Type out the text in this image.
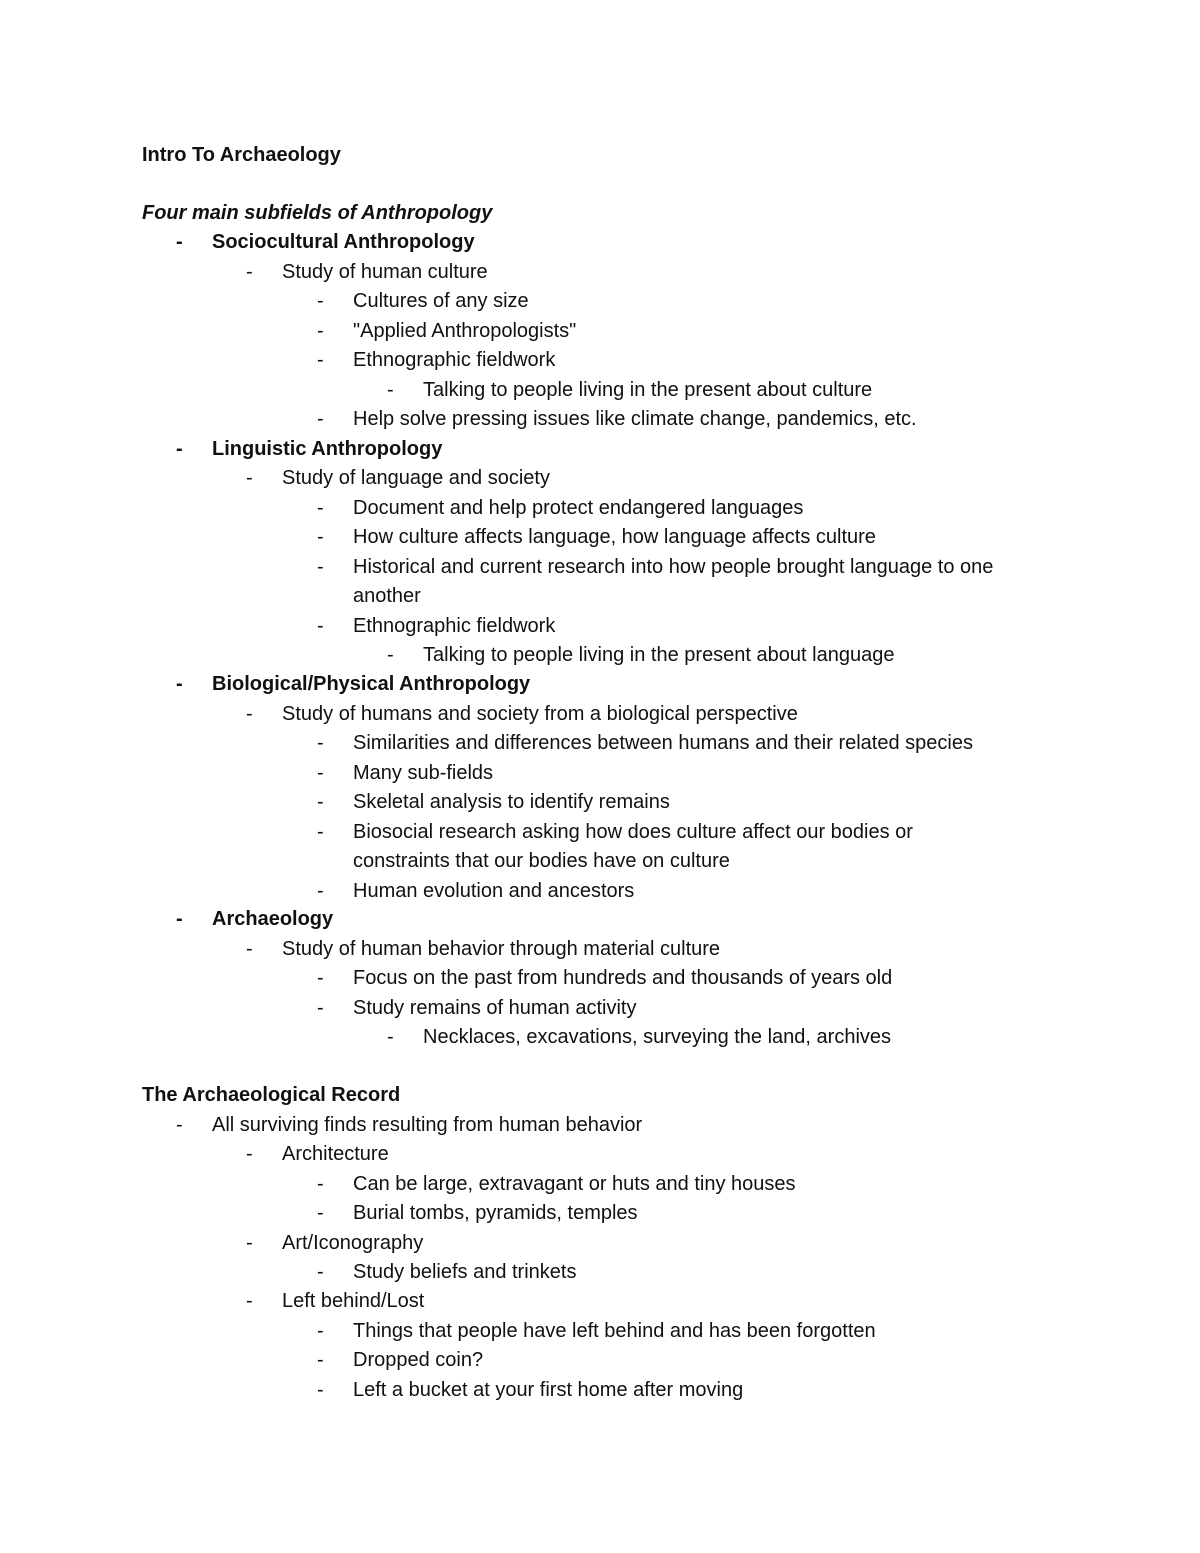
Intro To Archaeology
Four main subfields of Anthropology
-	Sociocultural Anthropology
-	Study of human culture
-	Cultures of any size
-	"Applied Anthropologists"
-	Ethnographic fieldwork
-	Talking to people living in the present about culture
-	Help solve pressing issues like climate change, pandemics, etc.
-	Linguistic Anthropology
-	Study of language and society
-	Document and help protect endangered languages
-	How culture affects language, how language affects culture
-	Historical and current research into how people brought language to one
another
-	Ethnographic fieldwork
-	Talking to people living in the present about language
-	Biological/Physical Anthropology
-	Study of humans and society from a biological perspective
-	Similarities and differences between humans and their related species
-	Many sub-fields
-	Skeletal analysis to identify remains
-	Biosocial research asking how does culture affect our bodies or
constraints that our bodies have on culture
-	Human evolution and ancestors
-	Archaeology
-	Study of human behavior through material culture
-	Focus on the past from hundreds and thousands of years old
-	Study remains of human activity
-	Necklaces, excavations, surveying the land, archives
The Archaeological Record
-	All surviving finds resulting from human behavior
-	Architecture
-	Can be large, extravagant or huts and tiny houses
-	Burial tombs, pyramids, temples
-	Art/Iconography
-	Study beliefs and trinkets
-	Left behind/Lost
-	Things that people have left behind and has been forgotten
-	Dropped coin?
-	Left a bucket at your first home after moving
